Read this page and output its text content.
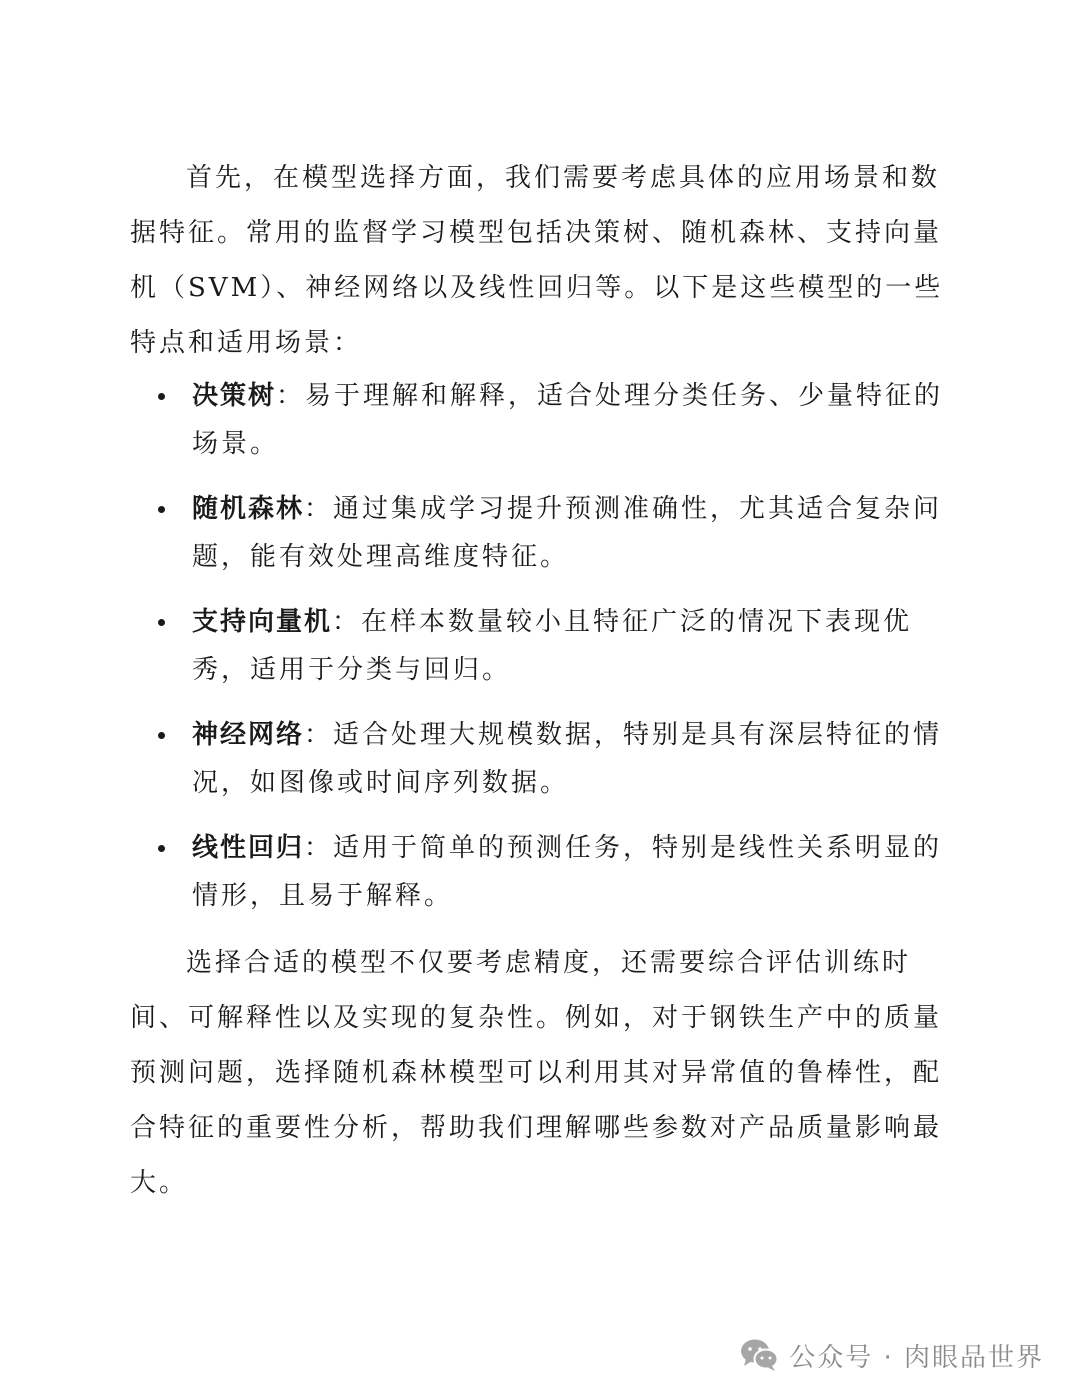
首先，在模型选择方面，我们需要考虑具体的应用场景和数据特征。常用的监督学习模型包括决策树、随机森林、支持向量机（SVM）、神经网络以及线性回归等。以下是这些模型的一些特点和适用场景：

决策树：易于理解和解释，适合处理分类任务、少量特征的场景。
随机森林：通过集成学习提升预测准确性，尤其适合复杂问题，能有效处理高维度特征。
支持向量机：在样本数量较小且特征广泛的情况下表现优秀，适用于分类与回归。
神经网络：适合处理大规模数据，特别是具有深层特征的情况，如图像或时间序列数据。
线性回归：适用于简单的预测任务，特别是线性关系明显的情形，且易于解释。

选择合适的模型不仅要考虑精度，还需要综合评估训练时间、可解释性以及实现的复杂性。例如，对于钢铁生产中的质量预测问题，选择随机森林模型可以利用其对异常值的鲁棒性，配合特征的重要性分析，帮助我们理解哪些参数对产品质量影响最大。

公众号 · 肉眼品世界
